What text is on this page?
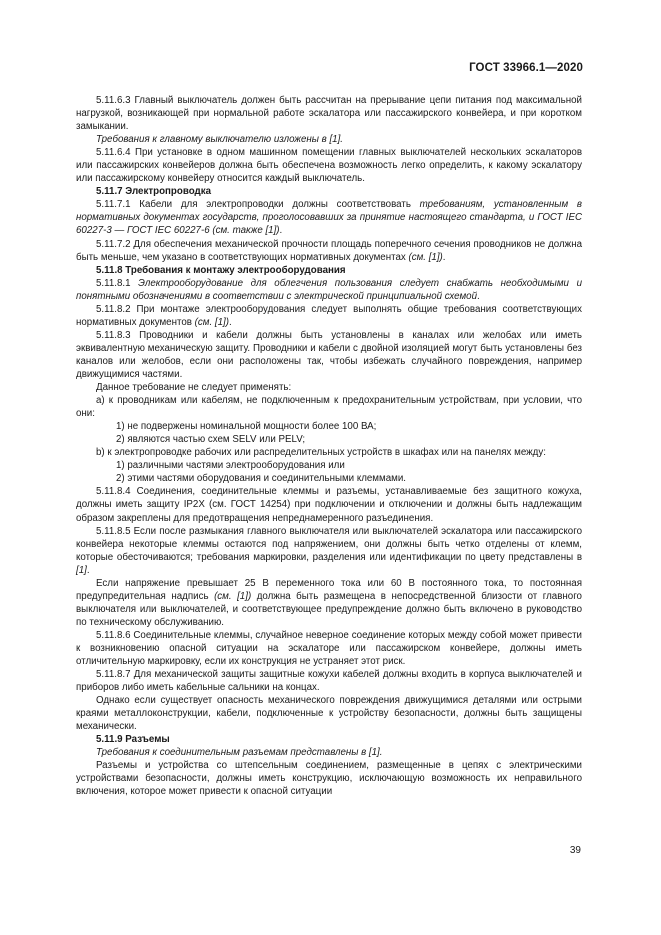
ГОСТ 33966.1—2020

5.11.6.3 Главный выключатель должен быть рассчитан на прерывание цепи питания под максимальной нагрузкой, возникающей при нормальной работе эскалатора или пассажирского конвейера, и при коротком замыкании.

Требования к главному выключателю изложены в [1].

5.11.6.4 При установке в одном машинном помещении главных выключателей нескольких эскалаторов или пассажирских конвейеров должна быть обеспечена возможность легко определить, к какому эскалатору или пассажирскому конвейеру относится каждый выключатель.

5.11.7 Электропроводка

5.11.7.1 Кабели для электропроводки должны соответствовать требованиям, установленным в нормативных документах государств, проголосовавших за принятие настоящего стандарта, и ГОСТ IEC 60227-3 — ГОСТ IEC 60227-6 (см. также [1]).

5.11.7.2 Для обеспечения механической прочности площадь поперечного сечения проводников не должна быть меньше, чем указано в соответствующих нормативных документах (см. [1]).

5.11.8 Требования к монтажу электрооборудования

5.11.8.1 Электрооборудование для облегчения пользования следует снабжать необходимыми и понятными обозначениями в соответствии с электрической принципиальной схемой.

5.11.8.2 При монтаже электрооборудования следует выполнять общие требования соответствующих нормативных документов (см. [1]).

5.11.8.3 Проводники и кабели должны быть установлены в каналах или желобах или иметь эквивалентную механическую защиту. Проводники и кабели с двойной изоляцией могут быть установлены без каналов или желобов, если они расположены так, чтобы избежать случайного повреждения, например движущимися частями.

Данное требование не следует применять:

а) к проводникам или кабелям, не подключенным к предохранительным устройствам, при условии, что они:

1) не подвержены номинальной мощности более 100 ВА;

2) являются частью схем SELV или PELV;

b) к электропроводке рабочих или распределительных устройств в шкафах или на панелях между:

1) различными частями электрооборудования или

2) этими частями оборудования и соединительными клеммами.

5.11.8.4 Соединения, соединительные клеммы и разъемы, устанавливаемые без защитного кожуха, должны иметь защиту IP2X (см. ГОСТ 14254) при подключении и отключении и должны быть надлежащим образом закреплены для предотвращения непреднамеренного разъединения.

5.11.8.5 Если после размыкания главного выключателя или выключателей эскалатора или пассажирского конвейера некоторые клеммы остаются под напряжением, они должны быть четко отделены от клемм, которые обесточиваются; требования маркировки, разделения или идентификации по цвету представлены в [1].

Если напряжение превышает 25 В переменного тока или 60 В постоянного тока, то постоянная предупредительная надпись (см. [1]) должна быть размещена в непосредственной близости от главного выключателя или выключателей, и соответствующее предупреждение должно быть включено в руководство по техническому обслуживанию.

5.11.8.6 Соединительные клеммы, случайное неверное соединение которых между собой может привести к возникновению опасной ситуации на эскалаторе или пассажирском конвейере, должны иметь отличительную маркировку, если их конструкция не устраняет этот риск.

5.11.8.7 Для механической защиты защитные кожухи кабелей должны входить в корпуса выключателей и приборов либо иметь кабельные сальники на концах.

Однако если существует опасность механического повреждения движущимися деталями или острыми краями металлоконструкции, кабели, подключенные к устройству безопасности, должны быть защищены механически.

5.11.9 Разъемы

Требования к соединительным разъемам представлены в [1].

Разъемы и устройства со штепсельным соединением, размещенные в цепях с электрическими устройствами безопасности, должны иметь конструкцию, исключающую возможность их неправильного включения, которое может привести к опасной ситуации

39
